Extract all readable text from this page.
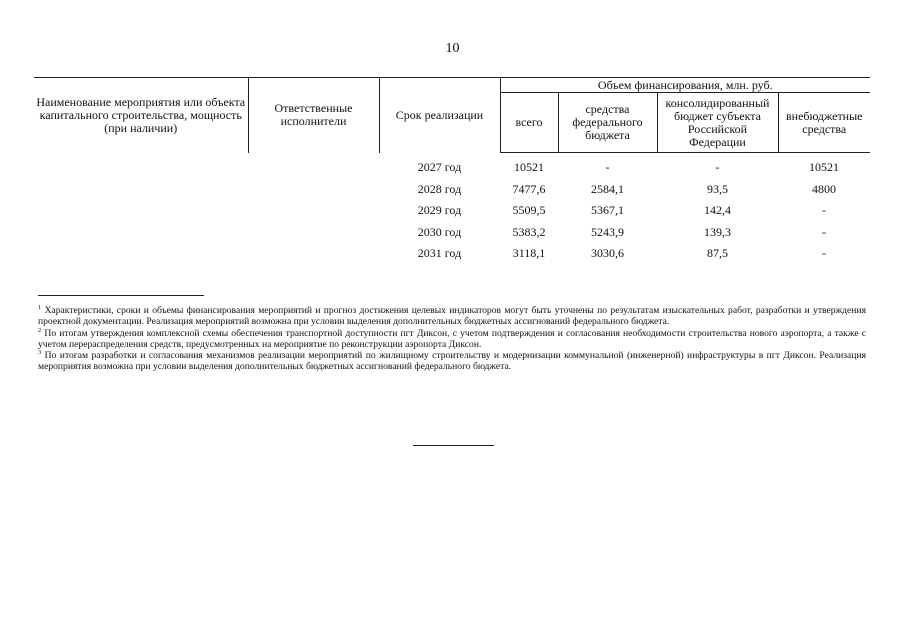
10
Наименование мероприятия или объекта капитального строительства, мощность (при наличии)	Ответственные исполнители	Срок реализации	Объем финансирования, млн. руб.			
			всего	средства федерального бюджета	консолидированный бюджет субъекта Российской Федерации	внебюджетные средства
		2027 год	10521	-	-	10521
		2028 год	7477,6	2584,1	93,5	4800
		2029 год	5509,5	5367,1	142,4	-
		2030 год	5383,2	5243,9	139,3	-
		2031 год	3118,1	3030,6	87,5	-

$^1$ Характеристики, сроки и объемы финансирования мероприятий и прогноз достижения целевых индикаторов могут быть уточнены по результатам изыскательных работ, разработки и утверждения проектной документации. Реализация мероприятий возможна при условии выделения дополнительных бюджетных ассигнований федерального бюджета.

$^2$ По итогам утверждения комплексной схемы обеспечения транспортной доступности пгт Диксон, с учетом подтверждения и согласования необходимости строительства нового аэропорта, а также с учетом перераспределения средств, предусмотренных на мероприятие по реконструкции аэропорта Диксон.

$^3$ По итогам разработки и согласования механизмов реализации мероприятий по жилищному строительству и модернизации коммунальной (инженерной) инфраструктуры в пгт Диксон. Реализация мероприятия возможна при условии выделения дополнительных бюджетных ассигнований федерального бюджета.
